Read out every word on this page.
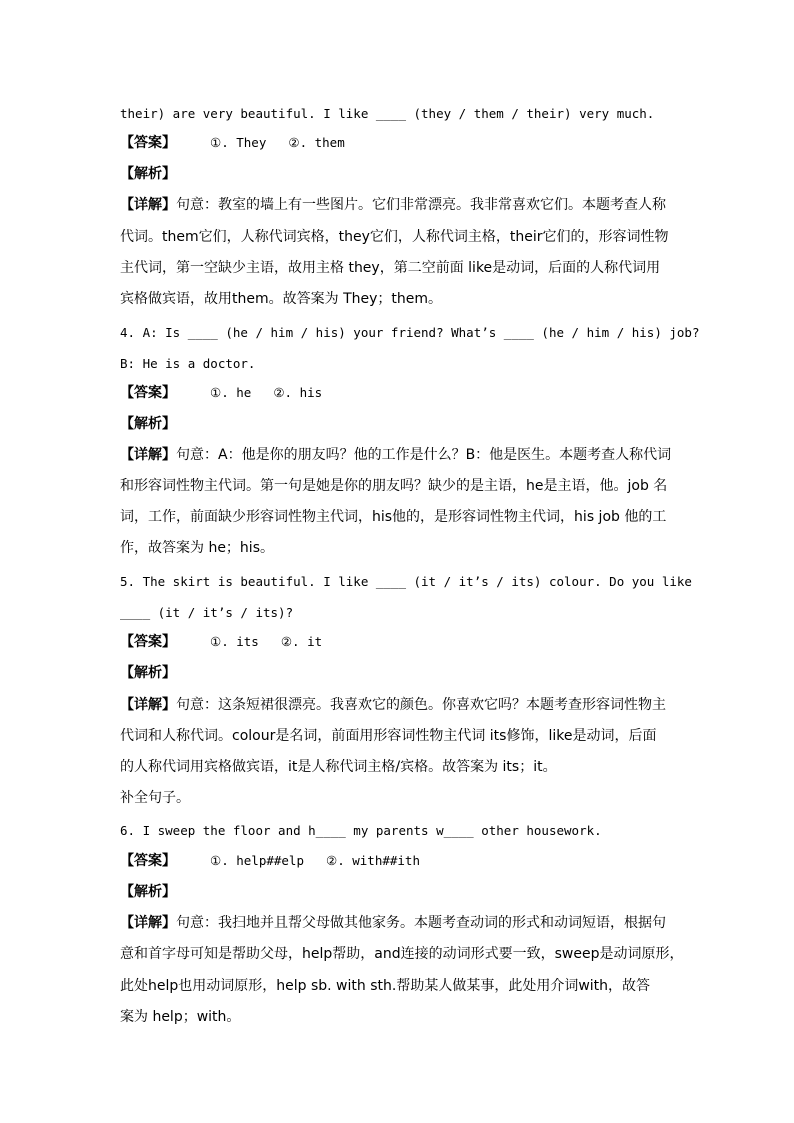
their) are very beautiful. I like ____ (they / them / their) very much.
【答案】	①. They ②. them
【解析】
【详解】句意：教室的墙上有一些图片。它们非常漂亮。我非常喜欢它们。本题考查人称
代词。them它们，人称代词宾格，they它们，人称代词主格，their它们的，形容词性物
主代词，第一空缺少主语，故用主格 they，第二空前面 like是动词，后面的人称代词用
宾格做宾语，故用them。故答案为 They；them。
4. A: Is ____ (he / him / his) your friend? What’s ____ (he / him / his) job?
B: He is a doctor.
【答案】	①. he ②. his
【解析】
【详解】句意：A：他是你的朋友吗？他的工作是什么？B：他是医生。本题考查人称代词
和形容词性物主代词。第一句是她是你的朋友吗？缺少的是主语，he是主语，他。job 名
词，工作，前面缺少形容词性物主代词，his他的，是形容词性物主代词，his job 他的工
作，故答案为 he；his。
5. The skirt is beautiful. I like ____ (it / it’s / its) colour. Do you like
____ (it / it’s / its)?
【答案】	①. its ②. it
【解析】
【详解】句意：这条短裙很漂亮。我喜欢它的颜色。你喜欢它吗？本题考查形容词性物主
代词和人称代词。colour是名词，前面用形容词性物主代词 its修饰，like是动词，后面
的人称代词用宾格做宾语，it是人称代词主格/宾格。故答案为 its；it。
补全句子。
6. I sweep the floor and h____ my parents w____ other housework.
【答案】	①. help##elp ②. with##ith
【解析】
【详解】句意：我扫地并且帮父母做其他家务。本题考查动词的形式和动词短语，根据句
意和首字母可知是帮助父母，help帮助，and连接的动词形式要一致，sweep是动词原形，
此处help也用动词原形，help sb. with sth.帮助某人做某事，此处用介词with，故答
案为 help；with。
